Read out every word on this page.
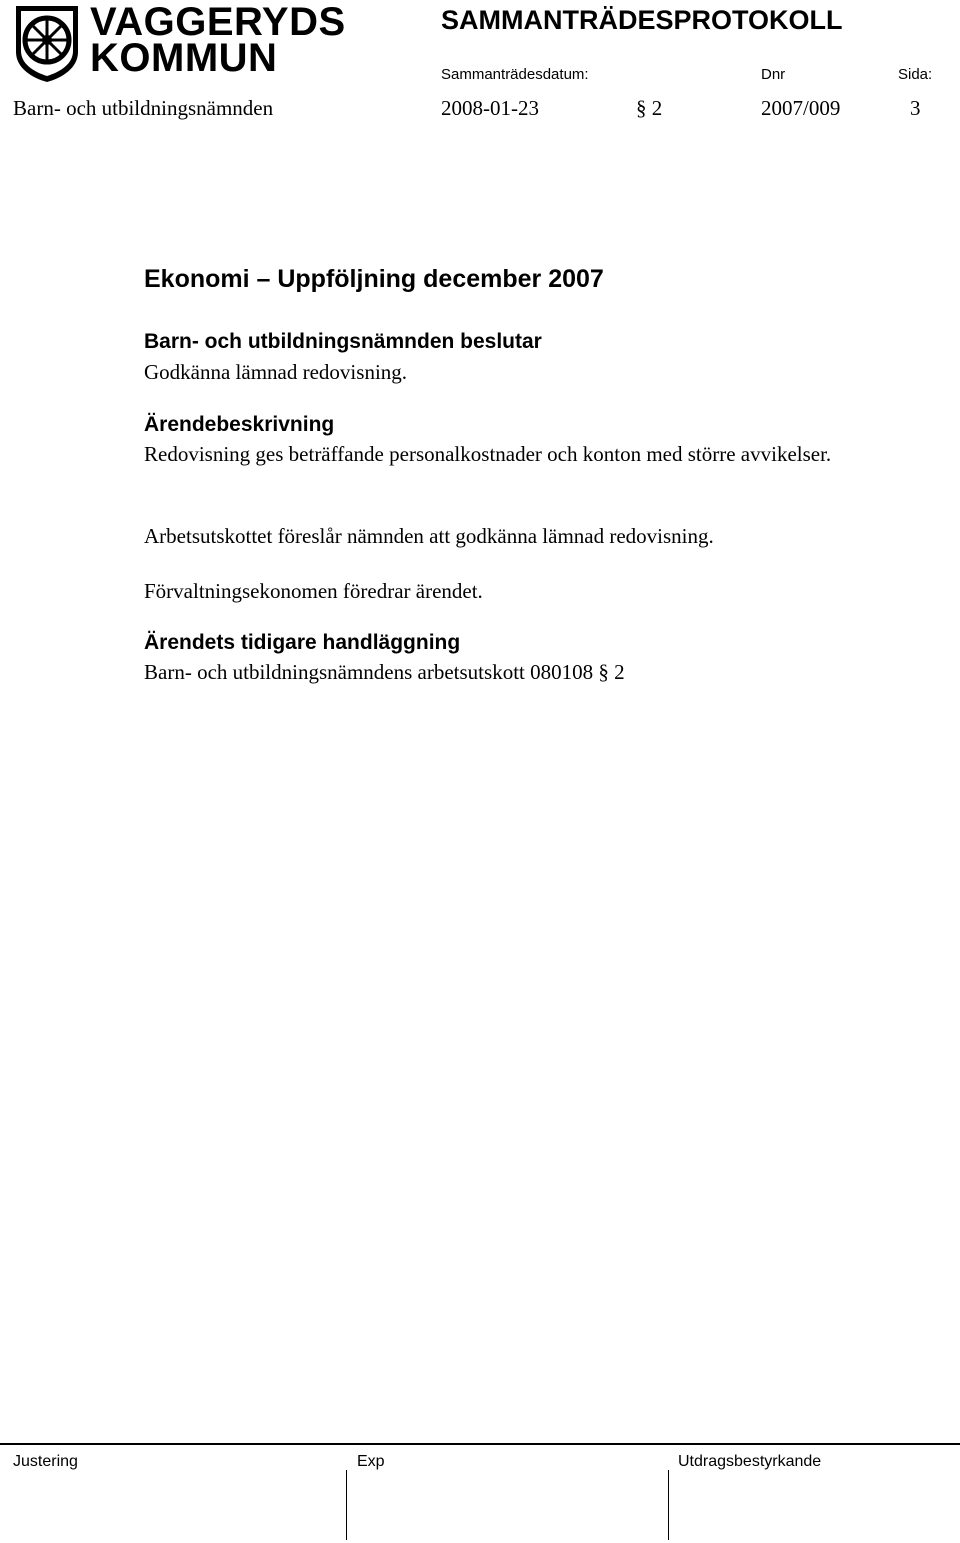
VAGGERYDS
KOMMUN
SAMMANTRÄDESPROTOKOLL
Sammanträdesdatum:	Dnr	Sida:
Barn- och utbildningsnämnden	2008-01-23	§ 2	2007/009	3
Ekonomi – Uppföljning december 2007
Barn- och utbildningsnämnden beslutar
Godkänna lämnad redovisning.
Ärendebeskrivning
Redovisning ges beträffande personalkostnader och konton med större avvikelser.
Arbetsutskottet föreslår nämnden att godkänna lämnad redovisning.
Förvaltningsekonomen föredrar ärendet.
Ärendets tidigare handläggning
Barn- och utbildningsnämndens arbetsutskott 080108 § 2
Justering	Exp	Utdragsbestyrkande
